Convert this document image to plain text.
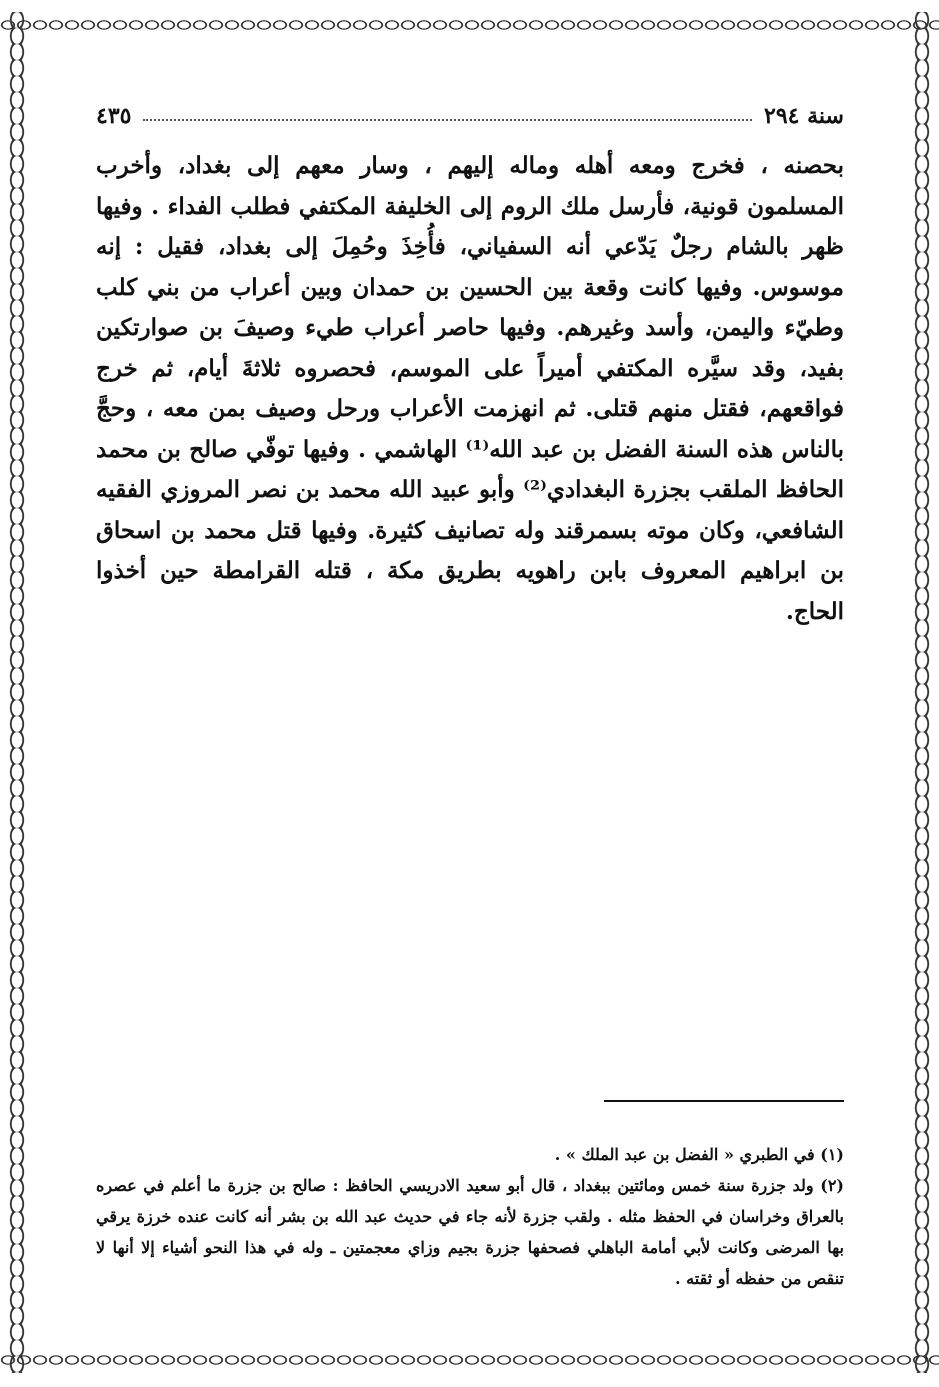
سنة ٢٩٤
٤٣٥

بحصنه ، فخرج ومعه أهله وماله إليهم ، وسار معهم إلى بغداد، وأخرب المسلمون قونية، فأرسل ملك الروم إلى الخليفة المكتفي فطلب الفداء . وفيها ظهر بالشام رجلٌ يَدّعي أنه السفياني، فأُخِذَ وحُمِلَ إلى بغداد، فقيل : إنه موسوس. وفيها كانت وقعة بين الحسين بن حمدان وبين أعراب من بني كلب وطيّء واليمن، وأسد وغيرهم. وفيها حاصر أعراب طيء وصيفَ بن صوارتكين بفيد، وقد سيَّره المكتفي أميراً على الموسم، فحصروه ثلاثةَ أيام، ثم خرج فواقعهم، فقتل منهم قتلى. ثم انهزمت الأعراب ورحل وصيف بمن معه ، وحجَّ بالناس هذه السنة الفضل بن عبد الله⁽¹⁾ الهاشمي . وفيها توفّي صالح بن محمد الحافظ الملقب بجزرة البغدادي⁽²⁾ وأبو عبيد الله محمد بن نصر المروزي الفقيه الشافعي، وكان موته بسمرقند وله تصانيف كثيرة. وفيها قتل محمد بن اسحاق بن ابراهيم المعروف بابن راهويه بطريق مكة ، قتله القرامطة حين أخذوا الحاج.

(١) في الطبري « الفضل بن عبد الملك » .

(٢) ولد جزرة سنة خمس ومائتين ببغداد ، قال أبو سعيد الادريسي الحافظ : صالح بن جزرة ما أعلم في عصره بالعراق وخراسان في الحفظ مثله . ولقب جزرة لأنه جاء في حديث عبد الله بن بشر أنه كانت عنده خرزة يرقي بها المرضى وكانت لأبي أمامة الباهلي فصحفها جزرة بجيم وزاي معجمتين ـ وله في هذا النحو أشياء إلا أنها لا تنقص من حفظه أو ثقته .
